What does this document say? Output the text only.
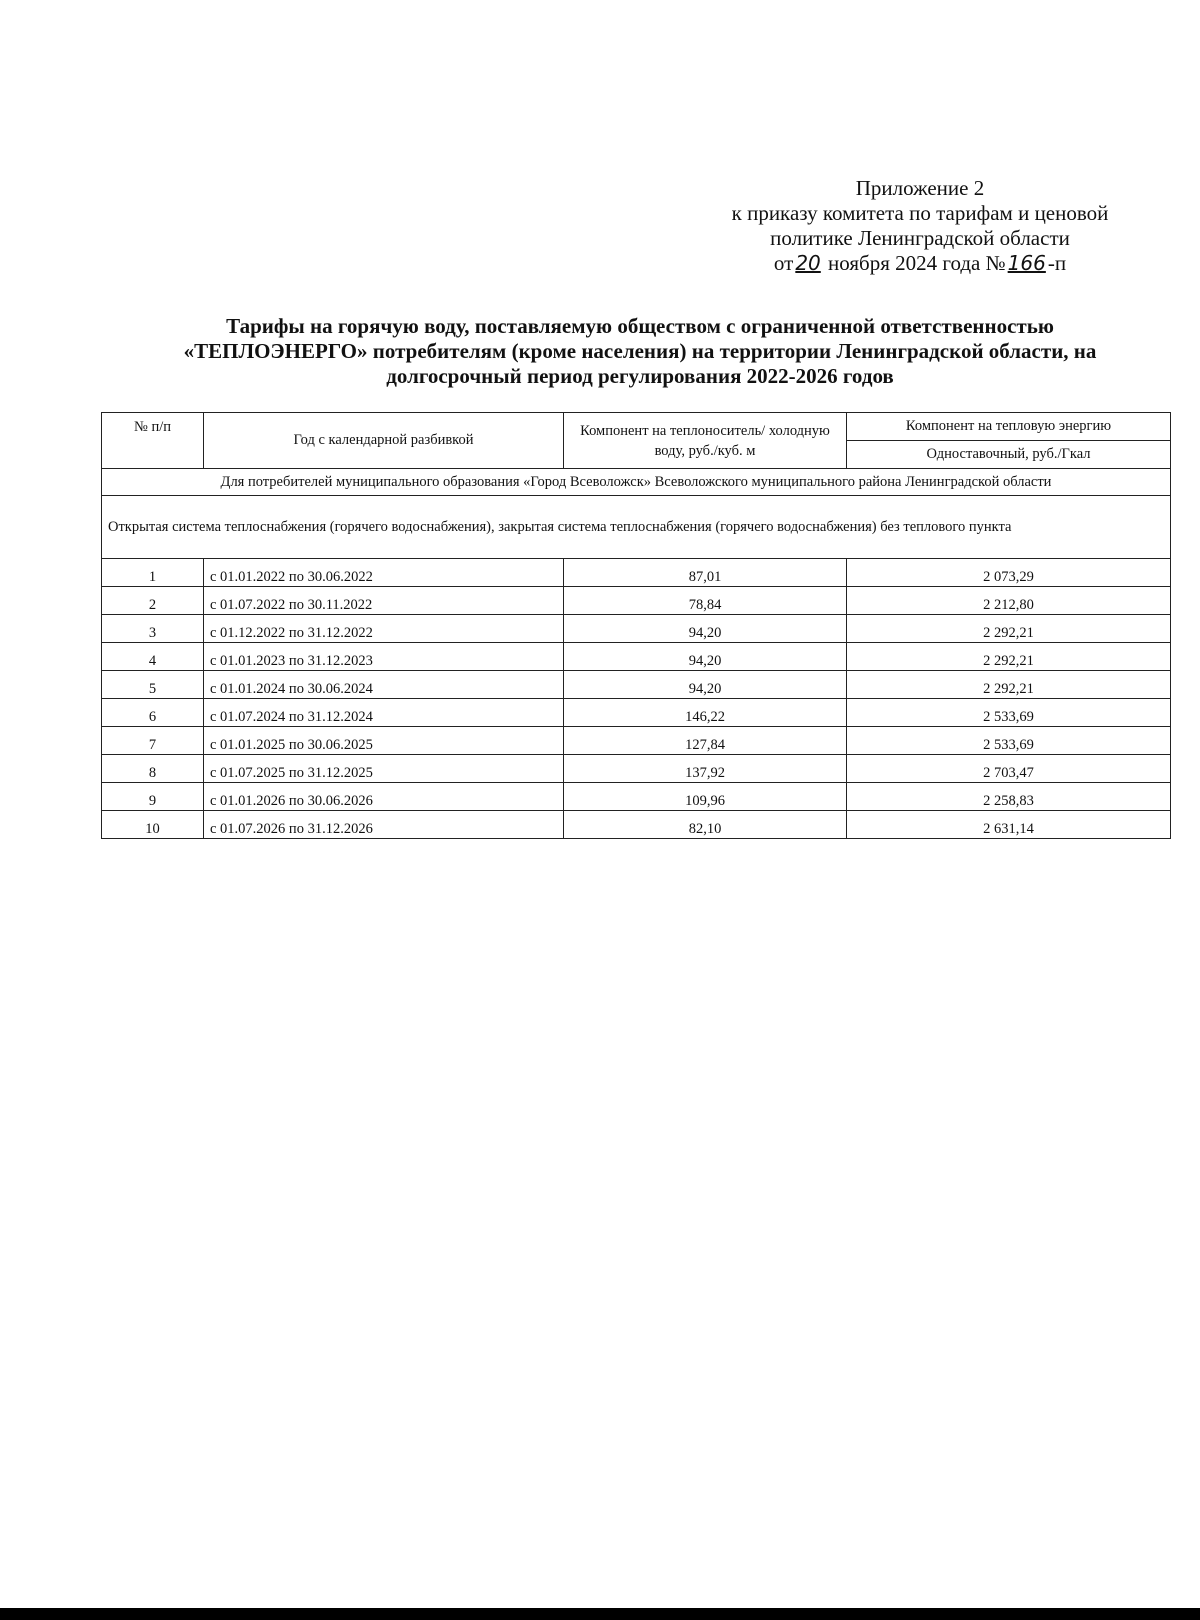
Приложение 2
к приказу комитета по тарифам и ценовой
политике Ленинградской области
от 20 ноября 2024 года № 166-п
Тарифы на горячую воду, поставляемую обществом с ограниченной ответственностью
«ТЕПЛОЭНЕРГО» потребителям (кроме населения) на территории Ленинградской области, на
долгосрочный период регулирования 2022-2026 годов
№ п/п	Год с календарной разбивкой	Компонент на теплоноситель/ холодную воду, руб./куб. м	Компонент на тепловую энергию
			Одноставочный, руб./Гкал
Для потребителей муниципального образования «Город Всеволожск» Всеволожского муниципального района Ленинградской области			
Открытая система теплоснабжения (горячего водоснабжения), закрытая система теплоснабжения (горячего водоснабжения) без теплового пункта			
1	с 01.01.2022 по 30.06.2022	87,01	2 073,29
2	с 01.07.2022 по 30.11.2022	78,84	2 212,80
3	с 01.12.2022 по 31.12.2022	94,20	2 292,21
4	с 01.01.2023 по 31.12.2023	94,20	2 292,21
5	с 01.01.2024 по 30.06.2024	94,20	2 292,21
6	с 01.07.2024 по 31.12.2024	146,22	2 533,69
7	с 01.01.2025 по 30.06.2025	127,84	2 533,69
8	с 01.07.2025 по 31.12.2025	137,92	2 703,47
9	с 01.01.2026 по 30.06.2026	109,96	2 258,83
10	с 01.07.2026 по 31.12.2026	82,10	2 631,14
